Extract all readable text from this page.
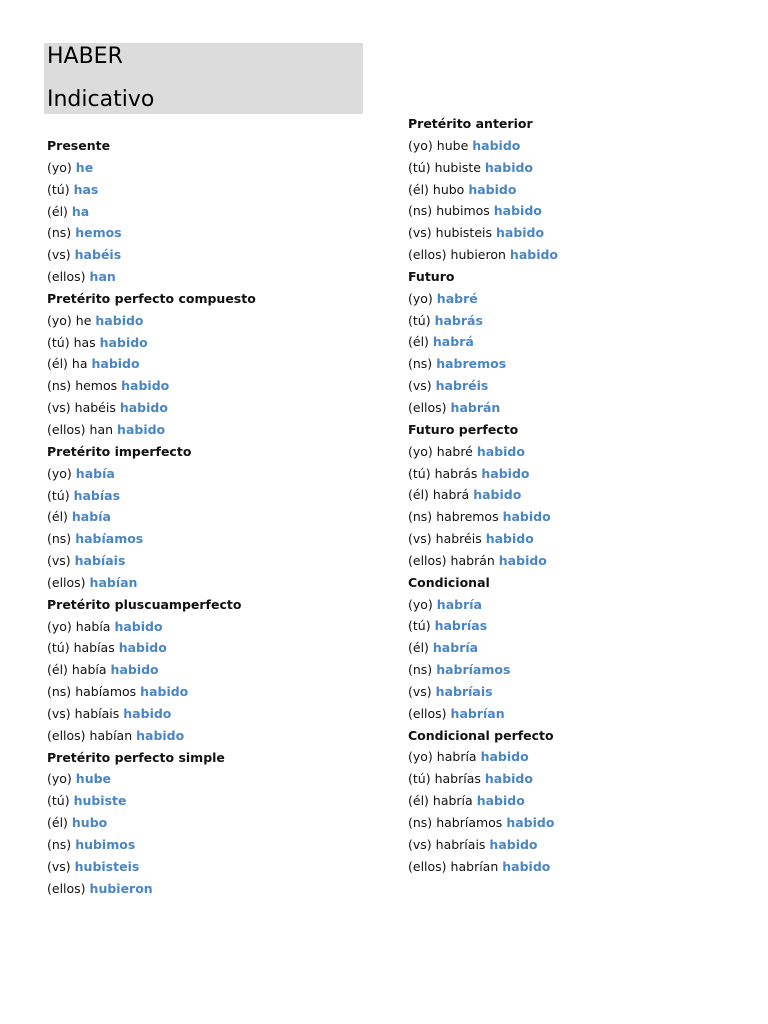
HABER
Indicativo
Presente
(yo) he
(tú) has
(él) ha
(ns) hemos
(vs) habéis
(ellos) han
Pretérito perfecto compuesto
(yo) he habido
(tú) has habido
(él) ha habido
(ns) hemos habido
(vs) habéis habido
(ellos) han habido
Pretérito imperfecto
(yo) había
(tú) habías
(él) había
(ns) habíamos
(vs) habíais
(ellos) habían
Pretérito pluscuamperfecto
(yo) había habido
(tú) habías habido
(él) había habido
(ns) habíamos habido
(vs) habíais habido
(ellos) habían habido
Pretérito perfecto simple
(yo) hube
(tú) hubiste
(él) hubo
(ns) hubimos
(vs) hubisteis
(ellos) hubieron
Pretérito anterior
(yo) hube habido
(tú) hubiste habido
(él) hubo habido
(ns) hubimos habido
(vs) hubisteis habido
(ellos) hubieron habido
Futuro
(yo) habré
(tú) habrás
(él) habrá
(ns) habremos
(vs) habréis
(ellos) habrán
Futuro perfecto
(yo) habré habido
(tú) habrás habido
(él) habrá habido
(ns) habremos habido
(vs) habréis habido
(ellos) habrán habido
Condicional
(yo) habría
(tú) habrías
(él) habría
(ns) habríamos
(vs) habríais
(ellos) habrían
Condicional perfecto
(yo) habría habido
(tú) habrías habido
(él) habría habido
(ns) habríamos habido
(vs) habríais habido
(ellos) habrían habido
